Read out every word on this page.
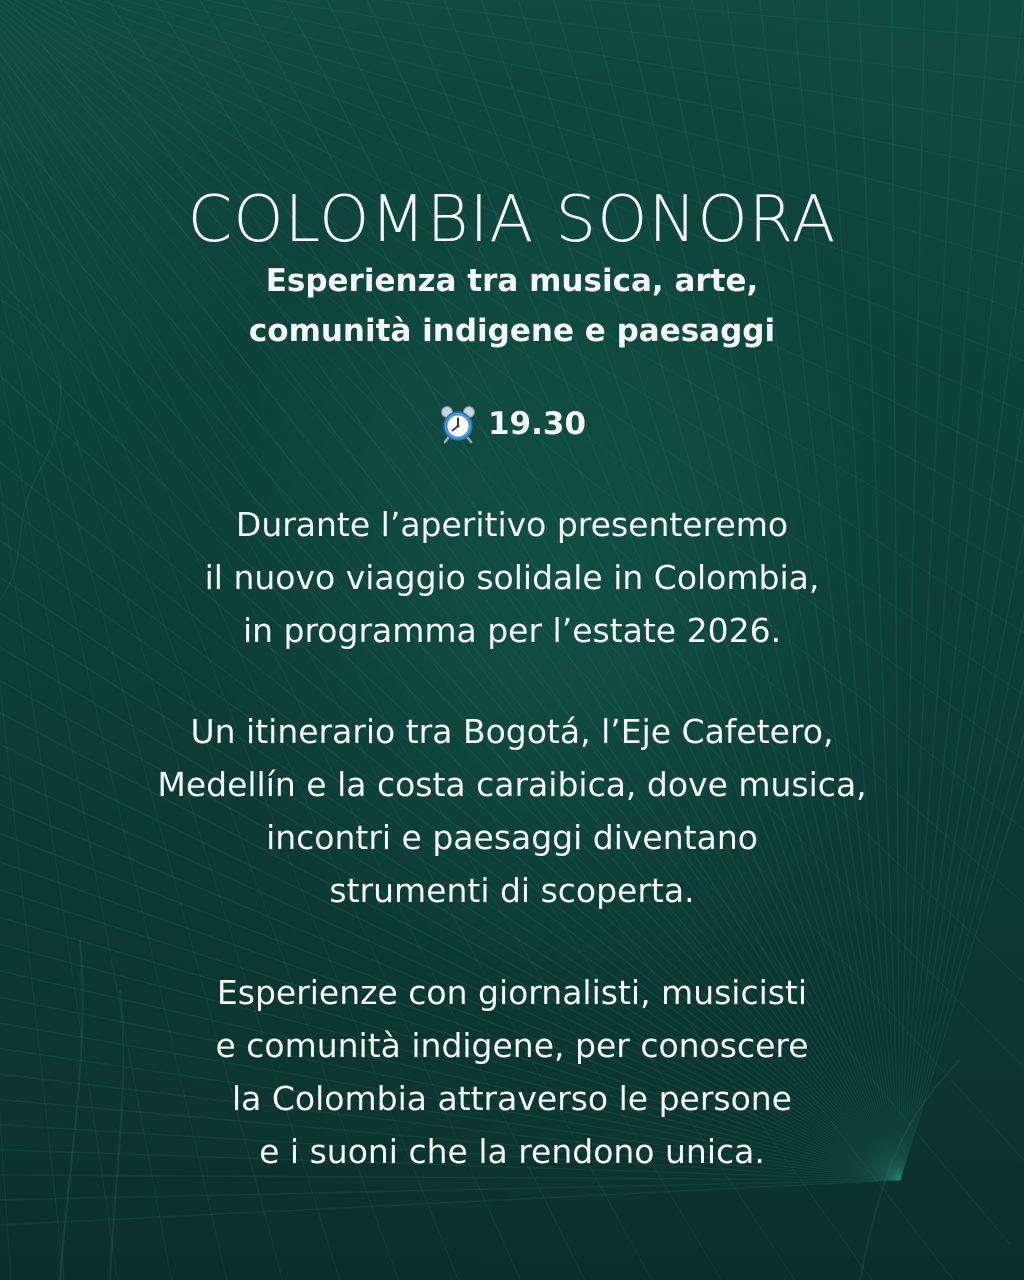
COLOMBIA SONORA
Esperienza tra musica, arte,
comunità indigene e paesaggi
19.30

Durante l’aperitivo presenteremo
il nuovo viaggio solidale in Colombia,
in programma per l’estate 2026.

Un itinerario tra Bogotá, l’Eje Cafetero,
Medellín e la costa caraibica, dove musica,
incontri e paesaggi diventano
strumenti di scoperta.

Esperienze con giornalisti, musicisti
e comunità indigene, per conoscere
la Colombia attraverso le persone
e i suoni che la rendono unica.
